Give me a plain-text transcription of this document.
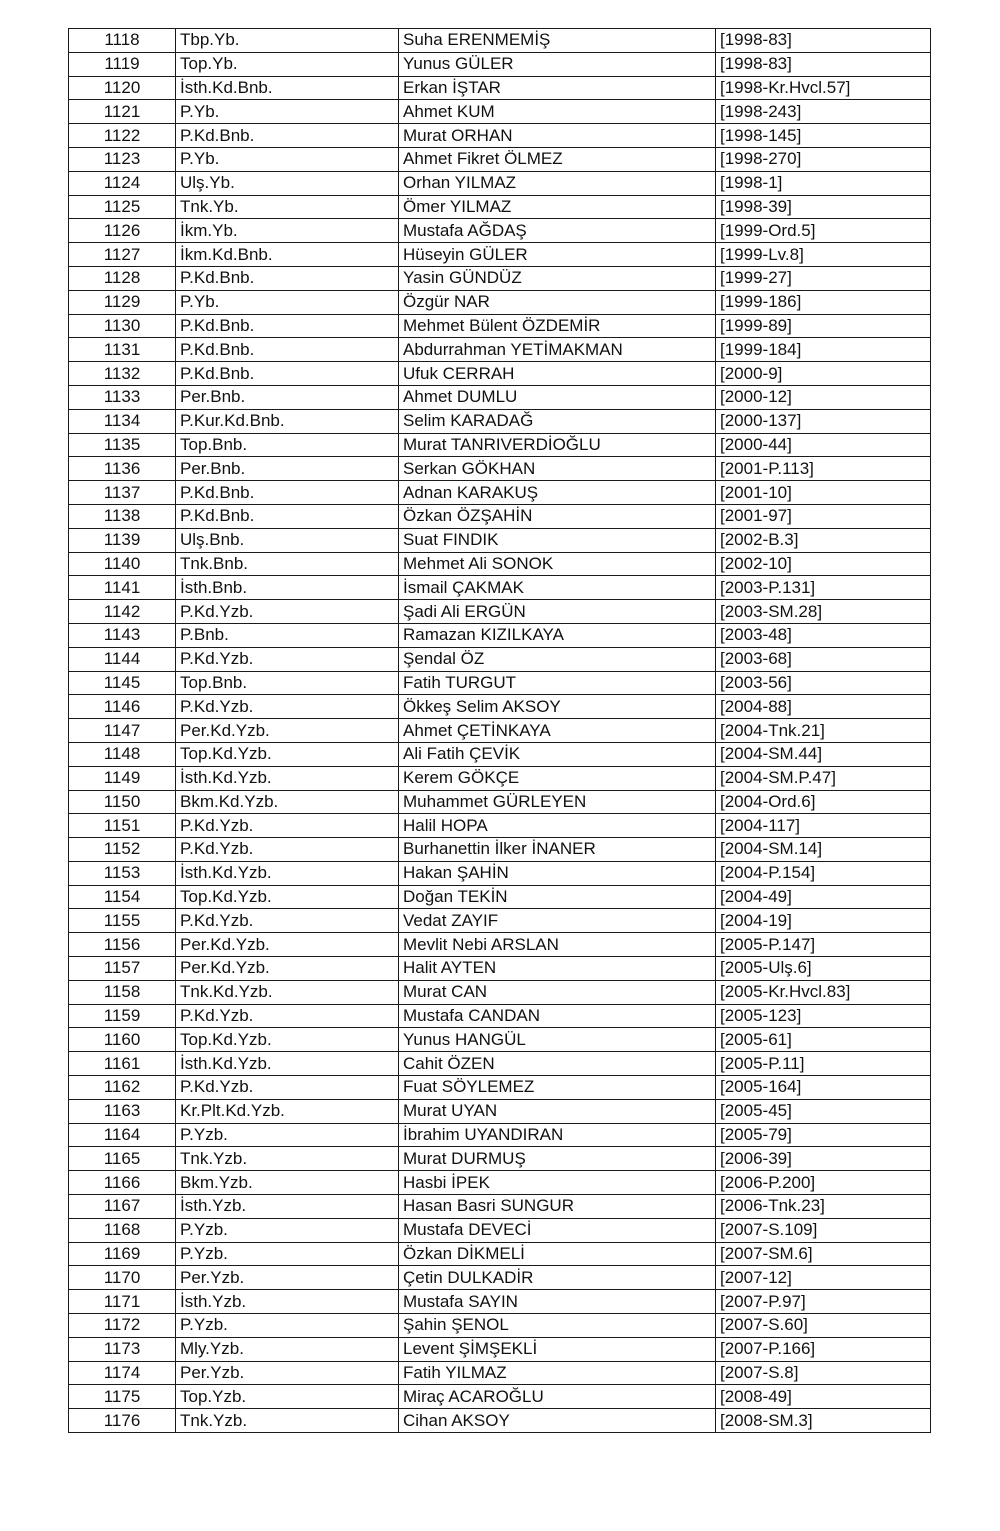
1118	Tbp.Yb.	Suha ERENMEMİŞ	[1998-83]
1119	Top.Yb.	Yunus GÜLER	[1998-83]
1120	İsth.Kd.Bnb.	Erkan İŞTAR	[1998-Kr.Hvcl.57]
1121	P.Yb.	Ahmet KUM	[1998-243]
1122	P.Kd.Bnb.	Murat ORHAN	[1998-145]
1123	P.Yb.	Ahmet Fikret ÖLMEZ	[1998-270]
1124	Ulş.Yb.	Orhan YILMAZ	[1998-1]
1125	Tnk.Yb.	Ömer YILMAZ	[1998-39]
1126	İkm.Yb.	Mustafa AĞDAŞ	[1999-Ord.5]
1127	İkm.Kd.Bnb.	Hüseyin GÜLER	[1999-Lv.8]
1128	P.Kd.Bnb.	Yasin GÜNDÜZ	[1999-27]
1129	P.Yb.	Özgür NAR	[1999-186]
1130	P.Kd.Bnb.	Mehmet Bülent ÖZDEMİR	[1999-89]
1131	P.Kd.Bnb.	Abdurrahman YETİMAKMAN	[1999-184]
1132	P.Kd.Bnb.	Ufuk CERRAH	[2000-9]
1133	Per.Bnb.	Ahmet DUMLU	[2000-12]
1134	P.Kur.Kd.Bnb.	Selim KARADAĞ	[2000-137]
1135	Top.Bnb.	Murat TANRIVERDİOĞLU	[2000-44]
1136	Per.Bnb.	Serkan GÖKHAN	[2001-P.113]
1137	P.Kd.Bnb.	Adnan KARAKUŞ	[2001-10]
1138	P.Kd.Bnb.	Özkan ÖZŞAHİN	[2001-97]
1139	Ulş.Bnb.	Suat FINDIK	[2002-B.3]
1140	Tnk.Bnb.	Mehmet Ali SONOK	[2002-10]
1141	İsth.Bnb.	İsmail ÇAKMAK	[2003-P.131]
1142	P.Kd.Yzb.	Şadi Ali ERGÜN	[2003-SM.28]
1143	P.Bnb.	Ramazan KIZILKAYA	[2003-48]
1144	P.Kd.Yzb.	Şendal ÖZ	[2003-68]
1145	Top.Bnb.	Fatih TURGUT	[2003-56]
1146	P.Kd.Yzb.	Ökkeş Selim AKSOY	[2004-88]
1147	Per.Kd.Yzb.	Ahmet ÇETİNKAYA	[2004-Tnk.21]
1148	Top.Kd.Yzb.	Ali Fatih ÇEVİK	[2004-SM.44]
1149	İsth.Kd.Yzb.	Kerem GÖKÇE	[2004-SM.P.47]
1150	Bkm.Kd.Yzb.	Muhammet GÜRLEYEN	[2004-Ord.6]
1151	P.Kd.Yzb.	Halil HOPA	[2004-117]
1152	P.Kd.Yzb.	Burhanettin İlker İNANER	[2004-SM.14]
1153	İsth.Kd.Yzb.	Hakan ŞAHİN	[2004-P.154]
1154	Top.Kd.Yzb.	Doğan TEKİN	[2004-49]
1155	P.Kd.Yzb.	Vedat ZAYIF	[2004-19]
1156	Per.Kd.Yzb.	Mevlit Nebi ARSLAN	[2005-P.147]
1157	Per.Kd.Yzb.	Halit AYTEN	[2005-Ulş.6]
1158	Tnk.Kd.Yzb.	Murat CAN	[2005-Kr.Hvcl.83]
1159	P.Kd.Yzb.	Mustafa CANDAN	[2005-123]
1160	Top.Kd.Yzb.	Yunus HANGÜL	[2005-61]
1161	İsth.Kd.Yzb.	Cahit ÖZEN	[2005-P.11]
1162	P.Kd.Yzb.	Fuat SÖYLEMEZ	[2005-164]
1163	Kr.Plt.Kd.Yzb.	Murat UYAN	[2005-45]
1164	P.Yzb.	İbrahim UYANDIRAN	[2005-79]
1165	Tnk.Yzb.	Murat DURMUŞ	[2006-39]
1166	Bkm.Yzb.	Hasbi İPEK	[2006-P.200]
1167	İsth.Yzb.	Hasan Basri SUNGUR	[2006-Tnk.23]
1168	P.Yzb.	Mustafa DEVECİ	[2007-S.109]
1169	P.Yzb.	Özkan DİKMELİ	[2007-SM.6]
1170	Per.Yzb.	Çetin DULKADİR	[2007-12]
1171	İsth.Yzb.	Mustafa SAYIN	[2007-P.97]
1172	P.Yzb.	Şahin ŞENOL	[2007-S.60]
1173	Mly.Yzb.	Levent ŞİMŞEKLİ	[2007-P.166]
1174	Per.Yzb.	Fatih YILMAZ	[2007-S.8]
1175	Top.Yzb.	Miraç ACAROĞLU	[2008-49]
1176	Tnk.Yzb.	Cihan AKSOY	[2008-SM.3]
